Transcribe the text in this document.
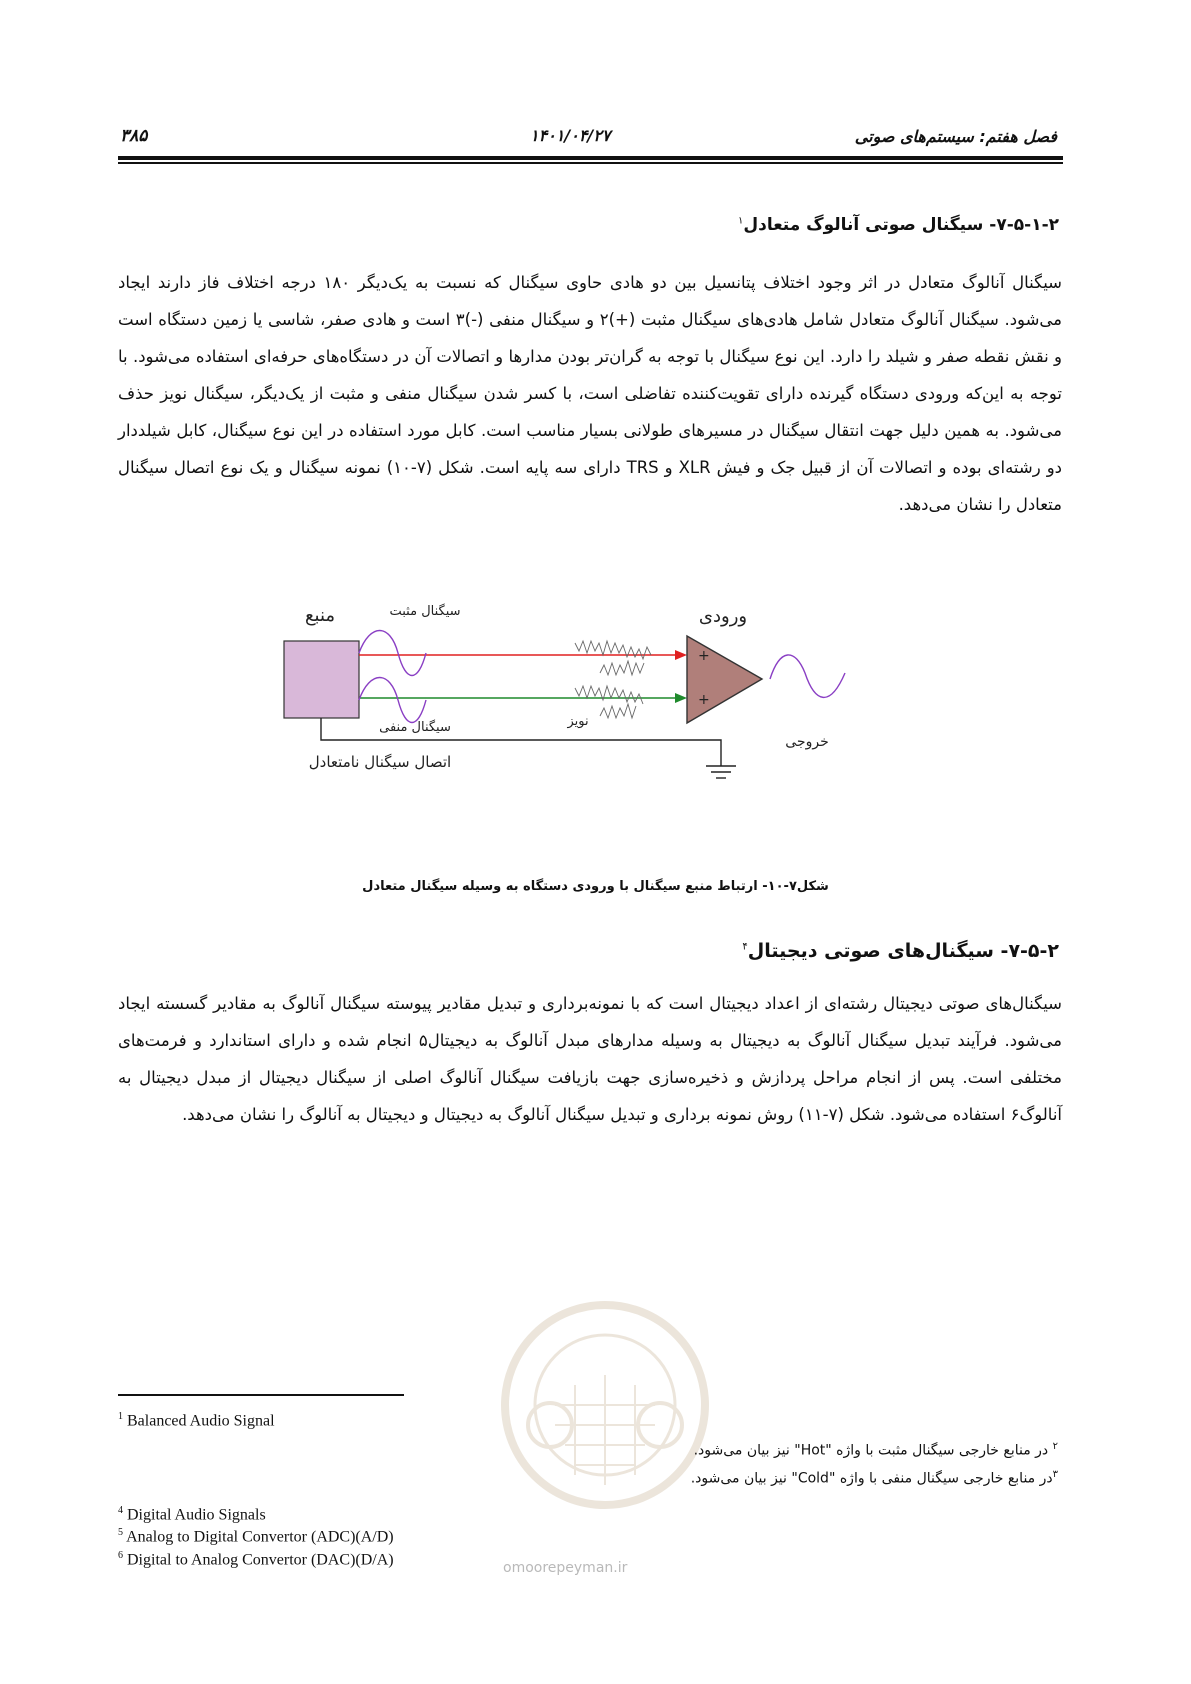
فصل هفتم: سیستم‌های صوتی
۱۴۰۱/۰۴/۲۷
۳۸۵
۷-۵-۱-۲- سیگنال صوتی آنالوگ متعادل$^۱$
سیگنال آنالوگ متعادل در اثر وجود اختلاف پتانسیل بین دو هادی حاوی سیگنال که نسبت به یک‌دیگر ۱۸۰ درجه اختلاف فاز دارند ایجاد می‌شود. سیگنال آنالوگ متعادل شامل هادی‌های سیگنال مثبت (+)۲ و سیگنال منفی (-)۳ است و هادی صفر، شاسی یا زمین دستگاه است و نقش نقطه صفر و شیلد را دارد. این نوع سیگنال با توجه به گران‌تر بودن مدارها و اتصالات آن در دستگاه‌های حرفه‌ای استفاده می‌شود. با توجه به این‌که ورودی دستگاه گیرنده دارای تقویت‌کننده تفاضلی است، با کسر شدن سیگنال منفی و مثبت از یک‌دیگر، سیگنال نویز حذف می‌شود. به همین دلیل جهت انتقال سیگنال در مسیرهای طولانی بسیار مناسب است. کابل مورد استفاده در این نوع سیگنال، کابل شیلددار دو رشته‌ای بوده و اتصالات آن از قبیل جک و فیش XLR و TRS دارای سه پایه است. شکل (۷-۱۰) نمونه سیگنال و یک نوع اتصال سیگنال متعادل را نشان می‌دهد.
منبع
+
+
ورودی
سیگنال مثبت
سیگنال منفی	نویز
خروجی
اتصال سیگنال نامتعادل
شکل۷-۱۰- ارتباط منبع سیگنال با ورودی دستگاه به وسیله سیگنال متعادل
۷-۵-۲- سیگنال‌های صوتی دیجیتال$^۴$
سیگنال‌های صوتی دیجیتال رشته‌ای از اعداد دیجیتال است که با نمونه‌برداری و تبدیل مقادیر پیوسته سیگنال آنالوگ به مقادیر گسسته ایجاد می‌شود. فرآیند تبدیل سیگنال آنالوگ به دیجیتال به وسیله مدارهای مبدل آنالوگ به دیجیتال۵ انجام شده و دارای استاندارد و فرمت‌های مختلفی است. پس از انجام مراحل پردازش و ذخیره‌سازی جهت بازیافت سیگنال آنالوگ اصلی از سیگنال دیجیتال از مبدل دیجیتال به آنالوگ۶ استفاده می‌شود. شکل (۷-۱۱) روش نمونه برداری و تبدیل سیگنال آنالوگ به دیجیتال و دیجیتال به آنالوگ را نشان می‌دهد.
omoorepeyman.ir
$^1$ Balanced Audio Signal
$^۲$ در منابع خارجی سیگنال مثبت با واژه "Hot" نیز بیان می‌شود.
$^۳$در منابع خارجی سیگنال منفی با واژه "Cold" نیز بیان می‌شود.
$^4$ Digital Audio Signals
$^5$ Analog to Digital Convertor (ADC)(A/D)
$^6$ Digital to Analog Convertor (DAC)(D/A)
